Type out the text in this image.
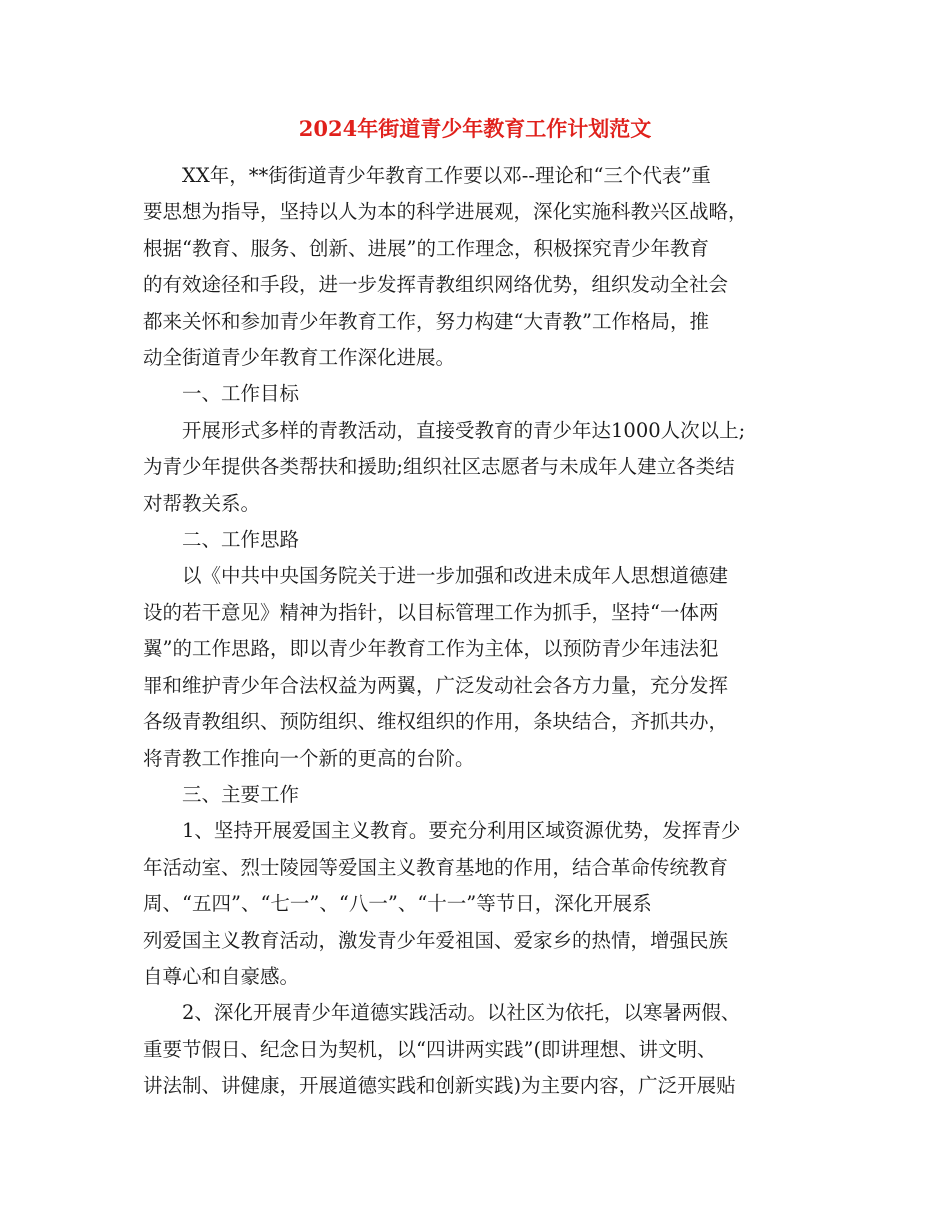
2024年街道青少年教育工作计划范文

XX年，**街街道青少年教育工作要以邓--理论和“三个代表”重
要思想为指导，坚持以人为本的科学进展观，深化实施科教兴区战略，
根据“教育、服务、创新、进展”的工作理念，积极探究青少年教育
的有效途径和手段，进一步发挥青教组织网络优势，组织发动全社会
都来关怀和参加青少年教育工作，努力构建“大青教”工作格局，推
动全街道青少年教育工作深化进展。

一、工作目标

开展形式多样的青教活动，直接受教育的青少年达1000人次以上;
为青少年提供各类帮扶和援助;组织社区志愿者与未成年人建立各类结
对帮教关系。

二、工作思路

以《中共中央国务院关于进一步加强和改进未成年人思想道德建
设的若干意见》精神为指针，以目标管理工作为抓手，坚持“一体两
翼”的工作思路，即以青少年教育工作为主体，以预防青少年违法犯
罪和维护青少年合法权益为两翼，广泛发动社会各方力量，充分发挥
各级青教组织、预防组织、维权组织的作用，条块结合，齐抓共办，
将青教工作推向一个新的更高的台阶。

三、主要工作

1、坚持开展爱国主义教育。要充分利用区域资源优势，发挥青少
年活动室、烈士陵园等爱国主义教育基地的作用，结合革命传统教育
周、“五四”、“七一”、“八一”、“十一”等节日，深化开展系
列爱国主义教育活动，激发青少年爱祖国、爱家乡的热情，增强民族
自尊心和自豪感。

2、深化开展青少年道德实践活动。以社区为依托，以寒暑两假、
重要节假日、纪念日为契机，以“四讲两实践”(即讲理想、讲文明、
讲法制、讲健康，开展道德实践和创新实践)为主要内容，广泛开展贴
